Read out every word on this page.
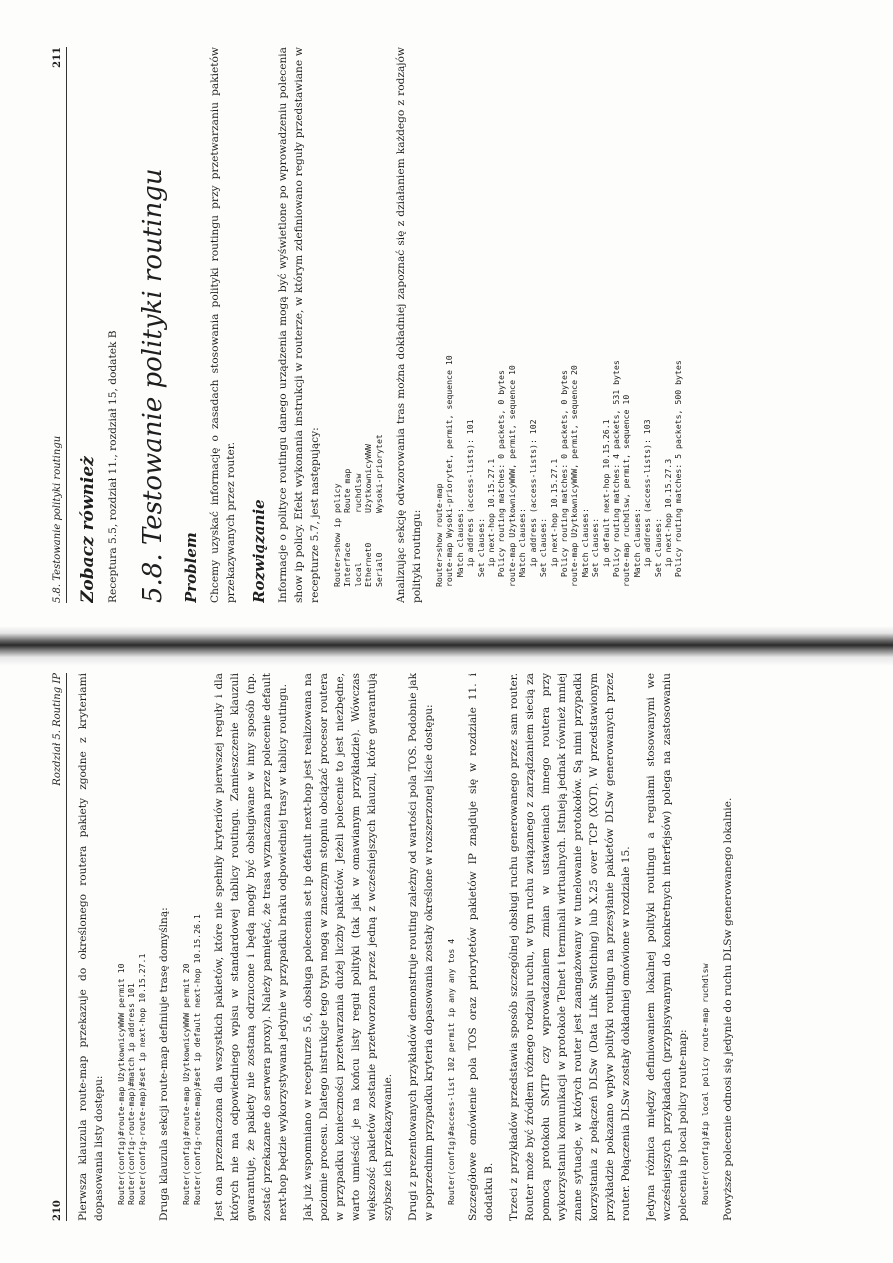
210
Rozdział 5. Routing IP Pierwsza klauzula route-map przekazuje do określonego routera pakiety zgodne z kryteriami dopasowania listy dostępu: Router(config)#route-map UżytkownicyWWW permit 10 Router(config-route-map)#match ip address 101 Router(config-route-map)#set ip next-hop 10.15.27.1 Druga klauzula sekcji route-map definiuje trasę domyślną: Router(config)#route-map UżytkownicyWWW permit 20 Router(config-route-map)#set ip default next-hop 10.15.26.1 Jest ona przeznaczona dla wszystkich pakietów, które nie spełniły kryteriów pierwszej reguły i dla których nie ma odpowiedniego wpisu w standardowej tablicy routingu. Zamieszczenie klauzuli gwarantuje, że pakiety nie zostaną odrzucone i będą mogły być obsługiwane w inny sposób (np. zostać przekazane do serwera proxy). Należy pamiętać, że trasa wyznaczana przez polecenie default next-hop będzie wykorzystywana jedynie w przypadku braku odpowiedniej trasy w tablicy routingu. Jak już wspomniano w recepturze 5.6, obsługa polecenia set ip default next-hop jest realizowana na poziomie procesu. Dlatego instrukcje tego typu mogą w znacznym stopniu obciążać procesor routera w przypadku konieczności przetwarzania dużej liczby pakietów. Jeżeli polecenie to jest niezbędne, warto umieścić je na końcu listy reguł polityki (tak jak w omawianym przykładzie). Wówczas większość pakietów zostanie przetworzona przez jedną z wcześniejszych klauzul, które gwarantują szybsze ich przekazywanie. Drugi z prezentowanych przykładów demonstruje routing zależny od wartości pola TOS. Podobnie jak w poprzednim przypadku kryteria dopasowania zostały określone w rozszerzonej liście dostępu: Router(config)#access-list 102 permit ip any any tos 4 Szczegółowe omówienie pola TOS oraz priorytetów pakietów IP znajduje się w rozdziale 11. i dodatku B. Trzeci z przykładów przedstawia sposób szczególnej obsługi ruchu generowanego przez sam router. Router może być źródłem różnego rodzaju ruchu, w tym ruchu związanego z zarządzaniem siecią za pomocą protokołu SMTP czy wprowadzaniem zmian w ustawieniach innego routera przy wykorzystaniu komunikacji w protokole Telnet i terminali wirtualnych. Istnieją jednak również mniej znane sytuacje, w których router jest zaangażowany w tunelowanie protokołów. Są nimi przypadki korzystania z połączeń DLSw (Data Link Switching) lub X.25 over TCP (XOT). W przedstawionym przykładzie pokazano wpływ polityki routingu na przesyłanie pakietów DLSw generowanych przez router. Połączenia DLSw zostały dokładniej omówione w rozdziale 15. Jedyna różnica między definiowaniem lokalnej polityki routingu a regułami stosowanymi we wcześniejszych przykładach (przypisywanymi do konkretnych interfejsów) polega na zastosowaniu polecenia ip local policy route-map: Router(config)#ip local policy route-map ruchdlsw Powyższe polecenie odnosi się jedynie do ruchu DLSw generowanego lokalnie.

5.8. Testowanie polityki routingu
211
Zobacz również Receptura 5.5, rozdział 11., rozdział 15, dodatek B 5.8. Testowanie polityki routingu Problem Chcemy uzyskać informację o zasadach stosowania polityki routingu przy przetwarzaniu pakietów przekazywanych przez router. Rozwiązanie Informacje o polityce routingu danego urządzenia mogą być wyświetlone po wprowadzeniu polecenia show ip policy. Efekt wykonania instrukcji w routerze, w którym zdefiniowano reguły przedstawiane w recepturze 5.7, jest następujący: Router>show ip policy Interface      Route map local          ruchdlsw Ethernet0      UżytkownicyWWW Serial0        Wysoki-priorytet Analizując sekcję odwzorowania tras można dokładniej zapoznać się z działaniem każdego z rodzajów polityki routingu: Router>show route-map route-map Wysoki-priorytet, permit, sequence 10 Match clauses: ip address (access-lists): 101 Set clauses: ip next-hop 10.15.27.1 Policy routing matches: 0 packets, 0 bytes route-map UżytkownicyWWW, permit, sequence 10 Match clauses: ip address (access-lists): 102 Set clauses: ip next-hop 10.15.27.1 Policy routing matches: 0 packets, 0 bytes route-map UżytkownicyWWW, permit, sequence 20 Match clauses: Set clauses: ip default next-hop 10.15.26.1 Policy routing matches: 4 packets, 531 bytes route-map ruchdlsw, permit, sequence 10 Match clauses: ip address (access-lists): 103 Set clauses: ip next-hop 10.15.27.3 Policy routing matches: 5 packets, 500 bytes
